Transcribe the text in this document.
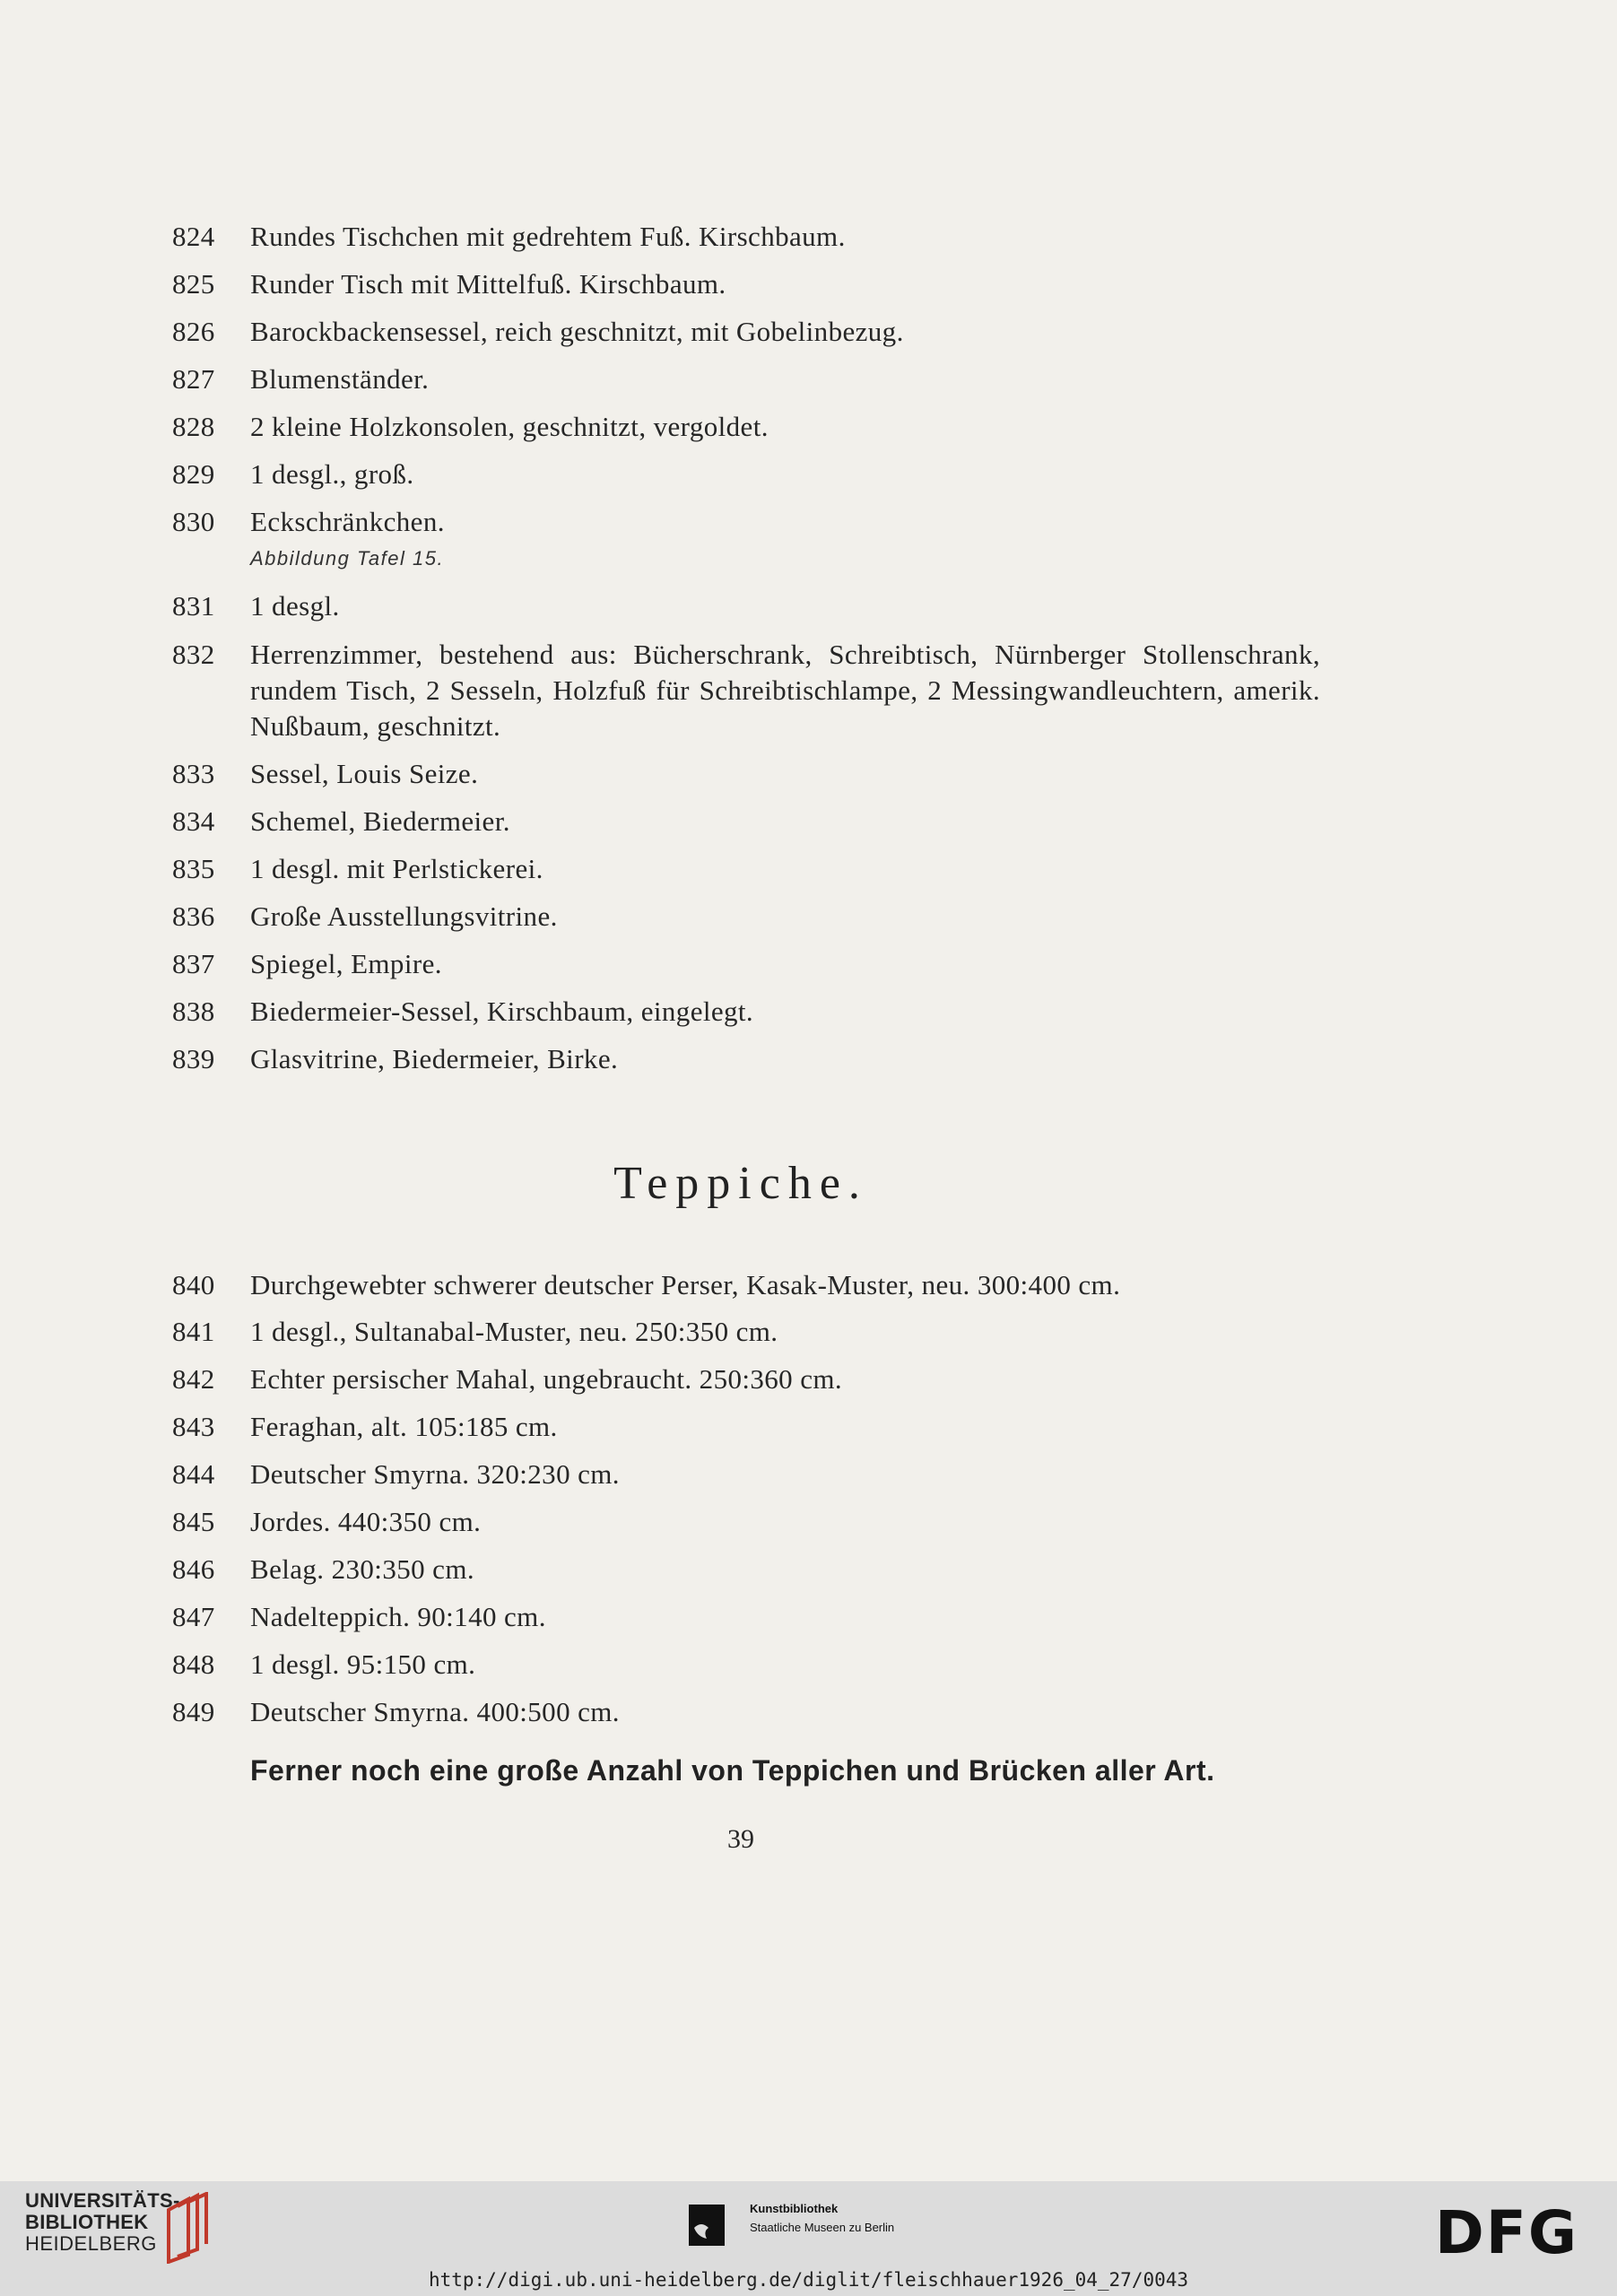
824	Rundes Tischchen mit gedrehtem Fuß. Kirschbaum.
825	Runder Tisch mit Mittelfuß. Kirschbaum.
826	Barockbackensessel, reich geschnitzt, mit Gobelinbezug.
827	Blumenständer.
828	2 kleine Holzkonsolen, geschnitzt, vergoldet.
829	1 desgl., groß.
830	Eckschränkchen.
Abbildung Tafel 15.
831	1 desgl.
832	Herrenzimmer, bestehend aus: Bücherschrank, Schreibtisch, Nürnberger Stollenschrank, rundem Tisch, 2 Sesseln, Holzfuß für Schreibtischlampe, 2 Messingwandleuchtern, amerik. Nußbaum, geschnitzt.
833	Sessel, Louis Seize.
834	Schemel, Biedermeier.
835	1 desgl. mit Perlstickerei.
836	Große Ausstellungsvitrine.
837	Spiegel, Empire.
838	Biedermeier-Sessel, Kirschbaum, eingelegt.
839	Glasvitrine, Biedermeier, Birke.
Teppiche.
840	Durchgewebter schwerer deutscher Perser, Kasak-Muster, neu. 300:400 cm.
841	1 desgl., Sultanabal-Muster, neu. 250:350 cm.
842	Echter persischer Mahal, ungebraucht. 250:360 cm.
843	Feraghan, alt. 105:185 cm.
844	Deutscher Smyrna. 320:230 cm.
845	Jordes. 440:350 cm.
846	Belag. 230:350 cm.
847	Nadelteppich. 90:140 cm.
848	1 desgl. 95:150 cm.
849	Deutscher Smyrna. 400:500 cm.
Ferner noch eine große Anzahl von Teppichen und Brücken aller Art.
39
UNIVERSITÄTS-
BIBLIOTHEK
HEIDELBERG
Kunstbibliothek
Staatliche Museen zu Berlin	DFG
http://digi.ub.uni-heidelberg.de/diglit/fleischhauer1926_04_27/0043
